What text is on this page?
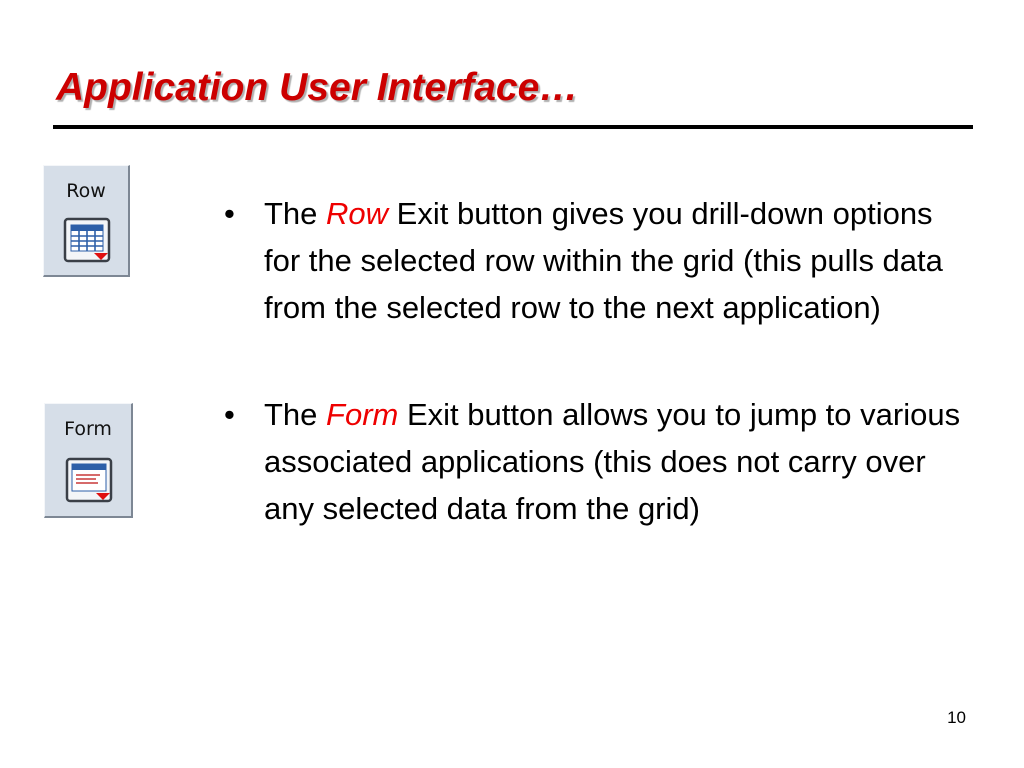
Application User Interface…
Row
Form
• The Row Exit button gives you drill-down options for the selected row within the grid (this pulls data from the selected row to the next application)
• The Form Exit button allows you to jump to various associated applications (this does not carry over any selected data from the grid)
10
